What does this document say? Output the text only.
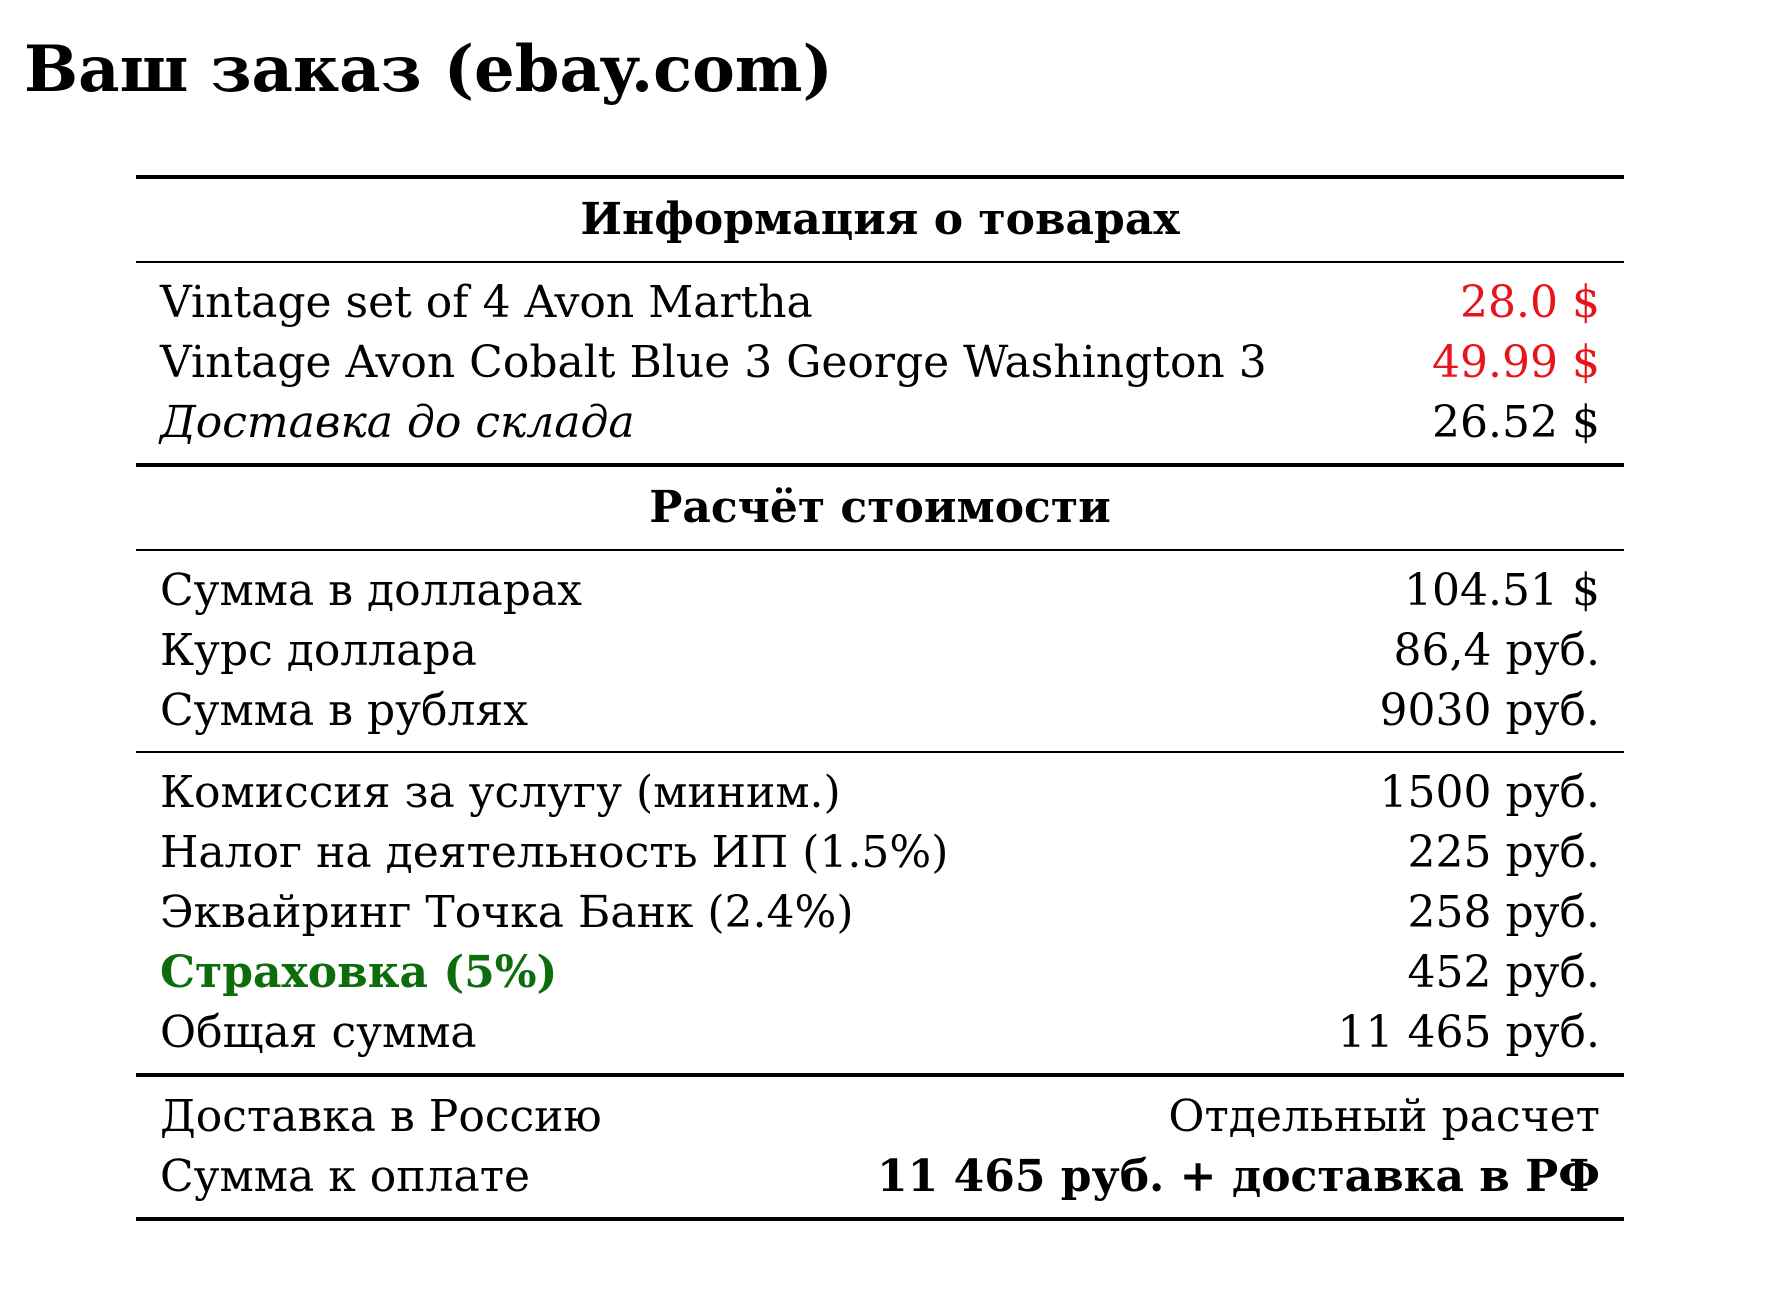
Ваш заказ (ebay.com)
Информация о товарах
Vintage set of 4 Avon Martha	28.0 $
Vintage Avon Cobalt Blue 3 George Washington 3	49.99 $
Доставка до склада	26.52 $
Расчёт стоимости
Сумма в долларах	104.51 $
Курс доллара	86,4 руб.
Сумма в рублях	9030 руб.
Комиссия за услугу (миним.)	1500 руб.
Налог на деятельность ИП (1.5%)	225 руб.
Эквайринг Точка Банк (2.4%)	258 руб.
Страховка (5%)	452 руб.
Общая сумма	11 465 руб.
Доставка в Россию	Отдельный расчет
Сумма к оплате	11 465 руб. + доставка в РФ
